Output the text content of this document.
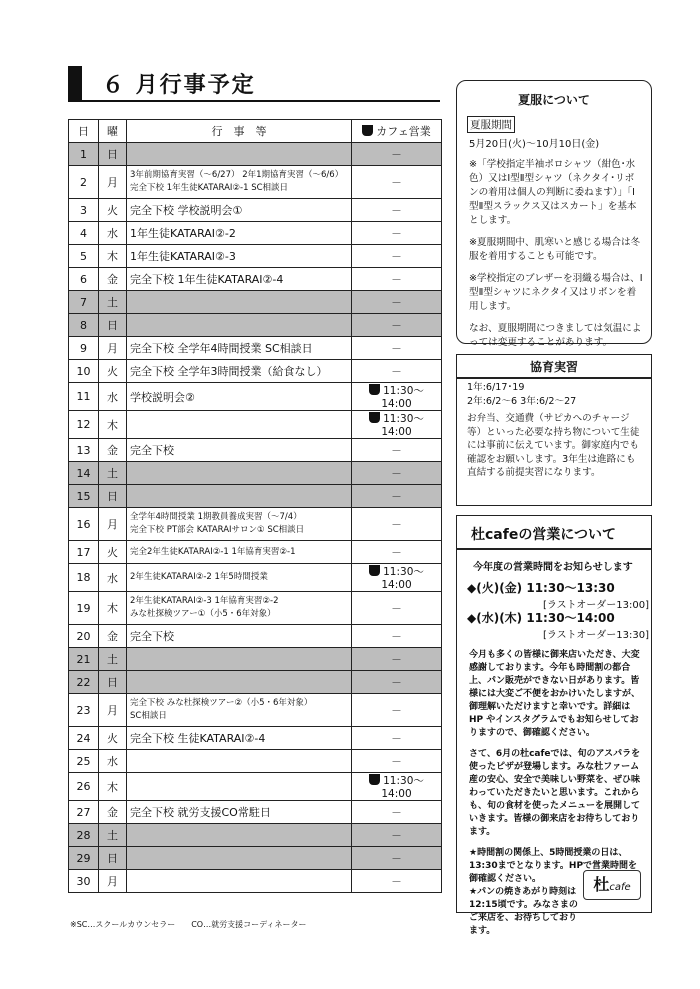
６ 月行事予定
日	曜	行　事　等	カフェ営業
1	日		－
2	月	3年前期協育実習（～6/27） 2年1期協育実習（～6/6）
完全下校 1年生徒KATARAI②-1 SC相談日	－
3	火	完全下校 学校説明会①	－
4	水	1年生徒KATARAI②-2	－
5	木	1年生徒KATARAI②-3	－
6	金	完全下校 1年生徒KATARAI②-4	－
7	土		－
8	日		－
9	月	完全下校 全学年4時間授業 SC相談日	－
10	火	完全下校 全学年3時間授業（給食なし）	－
11	水	学校説明会②	11:30～14:00
12	木		11:30～14:00
13	金	完全下校	－
14	土		－
15	日		－
16	月	全学年4時間授業 1期教員養成実習（～7/4）
完全下校 PT部会 KATARAIサロン① SC相談日	－
17	火	完全2年生徒KATARAI②-1 1年協育実習②-1	－
18	水	2年生徒KATARAI②-2 1年5時間授業	11:30～14:00
19	木	2年生徒KATARAI②-3 1年協育実習②-2
みな杜探検ツアー①（小5・6年対象）	－
20	金	完全下校	－
21	土		－
22	日		－
23	月	完全下校 みな杜探検ツアー②（小5・6年対象）
SC相談日	－
24	火	完全下校 生徒KATARAI②-4	－
25	水		－
26	木		11:30～14:00
27	金	完全下校 就労支援CO常駐日	－
28	土		－
29	日		－
30	月		－
※SC…スクールカウンセラー　　CO…就労支援コーディネーター
夏服について
夏服期間
5月20日(火)～10月10日(金)

※「学校指定半袖ポロシャツ（紺色･水色）又はⅠ型Ⅱ型シャツ（ネクタイ･リボンの着用は個人の判断に委ねます）」「Ⅰ型Ⅱ型スラックス又はスカート」を基本とします。

※夏服期間中、肌寒いと感じる場合は冬服を着用することも可能です。

※学校指定のブレザーを羽織る場合は、Ⅰ型Ⅱ型シャツにネクタイ又はリボンを着用します。

なお、夏服期間につきましては気温によっては変更することがあります。

協育実習
1年:6/17･19
2年:6/2～6 3年:6/2～27
お弁当、交通費（サピカへのチャージ等）といった必要な持ち物について生徒には事前に伝えています。御家庭内でも確認をお願いします。3年生は進路にも直結する前提実習になります。
杜cafeの営業について
今年度の営業時間をお知らせします
◆(火)(金) 11:30～13:30
[ラストオーダー13:00]
◆(水)(木) 11:30～14:00
[ラストオーダー13:30]
今月も多くの皆様に御来店いただき、大変感謝しております。今年も時間割の都合上、パン販売ができない日があります。皆様には大変ご不便をおかけいたしますが、御理解いただけますと幸いです。詳細は HP やインスタグラムでもお知らせしておりますので、御確認ください。
さて、6月の杜cafeでは、旬のアスパラを使ったピザが登場します。みな杜ファーム産の安心、安全で美味しい野菜を、ぜひ味わっていただきたいと思います。これからも、旬の食材を使ったメニューを展開していきます。皆様の御来店をお待ちしております。
★時間割の関係上、5時間授業の日は、13:30までとなります。HPで営業時間を御確認ください。
★パンの焼きあがり時刻は12:15頃です。みなさまのご来店を、お待ちしております。
杜cafe
